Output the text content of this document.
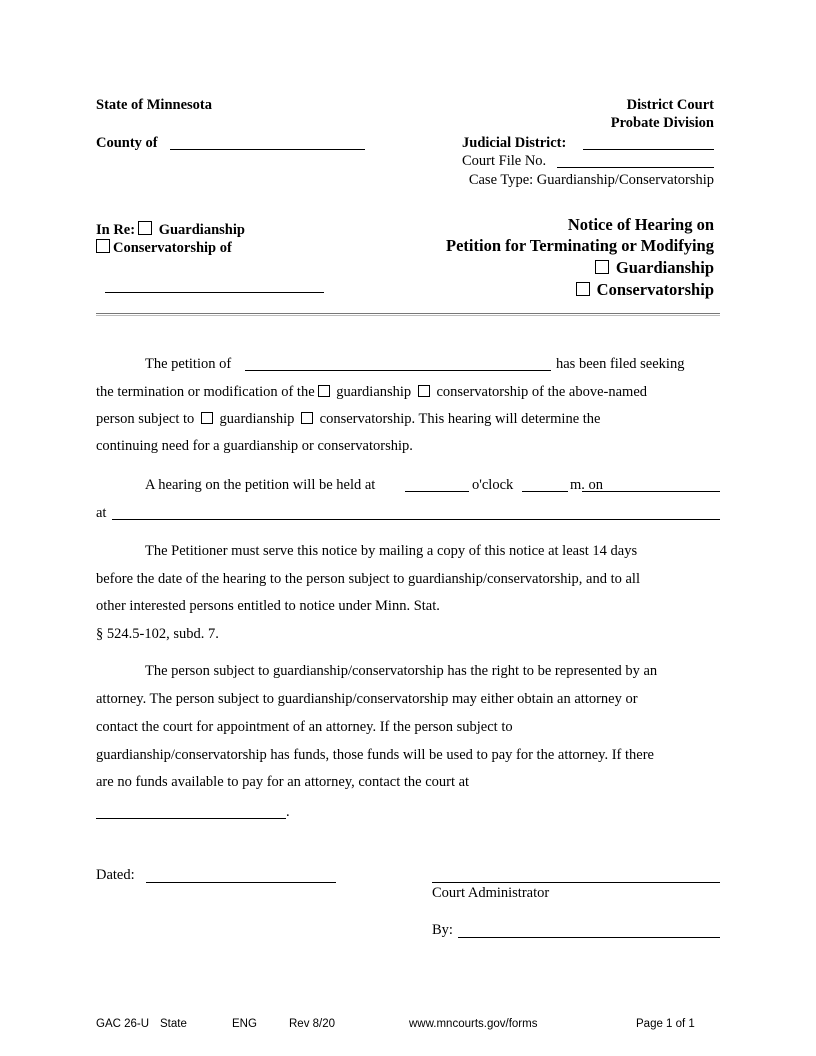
State of Minnesota
County of
District Court
Probate Division
Judicial District:
Court File No.
Case Type: Guardianship/Conservatorship
In Re: Guardianship
Conservatorship of
Notice of Hearing on
Petition for Terminating or Modifying
Guardianship
Conservatorship
The petition of	has been filed seeking
the termination or modification of the guardianship conservatorship of the above-named
person subject to guardianship conservatorship. This hearing will determine the
continuing need for a guardianship or conservatorship.
A hearing on the petition will be held at	o'clock	m. on
at
The Petitioner must serve this notice by mailing a copy of this notice at least 14 days
before the date of the hearing to the person subject to guardianship/conservatorship, and to all
other interested persons entitled to notice under Minn. Stat.
§ 524.5-102, subd. 7.
The person subject to guardianship/conservatorship has the right to be represented by an
attorney. The person subject to guardianship/conservatorship may either obtain an attorney or
contact the court for appointment of an attorney. If the person subject to
guardianship/conservatorship has funds, those funds will be used to pay for the attorney. If there
are no funds available to pay for an attorney, contact the court at
.
Dated:
Court Administrator
By:
GAC 26-U State	ENG	Rev 8/20	www.mncourts.gov/forms	Page 1 of 1
